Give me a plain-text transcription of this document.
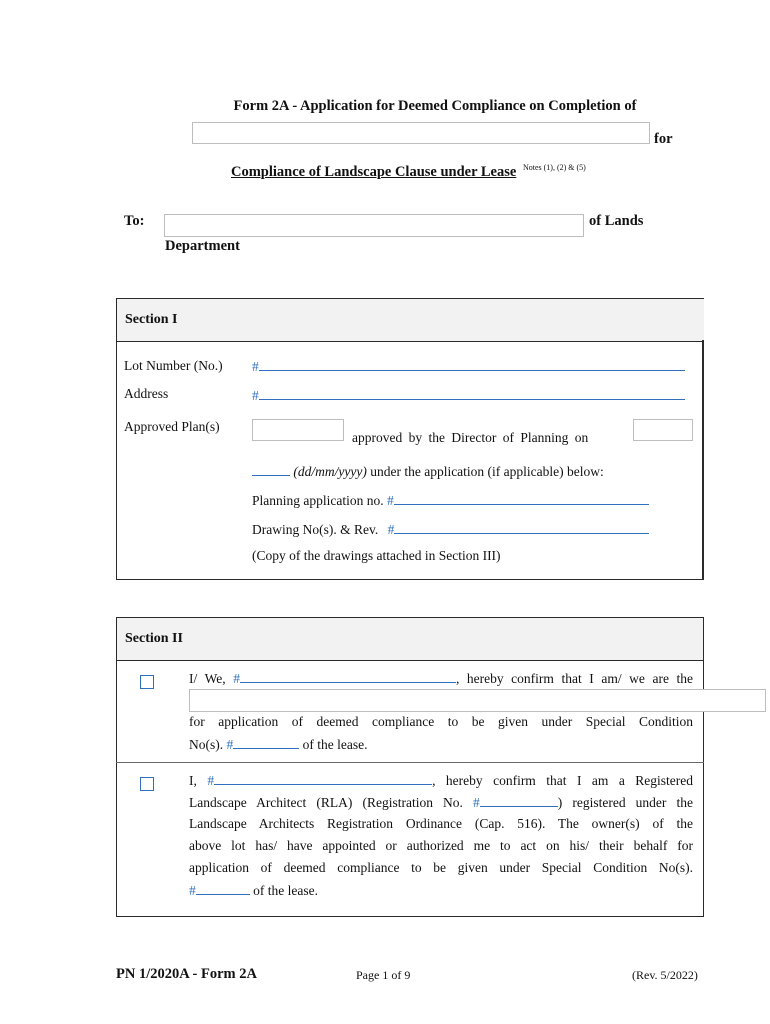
Form 2A - Application for Deemed Compliance on Completion of
for
Compliance of Landscape Clause under Lease $^{Notes (1), (2) \& (5)}$
To:	of Lands
Department
Section I
Lot Number (No.) #
Address	#
Approved Plan(s)
approved by the Director of Planning on
(dd/mm/yyyy) under the application (if applicable) below:
Planning application no. #
Drawing No(s). & Rev. #
(Copy of the drawings attached in Section III)
Section II
I/ We, #	, hereby confirm that I am/ we are the
for application of deemed compliance to be given under Special Condition
No(s). #	of the lease.
I, #	, hereby confirm that I am a Registered
Landscape Architect (RLA) (Registration No. #	) registered under the
Landscape Architects Registration Ordinance (Cap. 516). The owner(s) of the
above lot has/ have appointed or authorized me to act on his/ their behalf for
application of deemed compliance to be given under Special Condition No(s).
#	of the lease.
PN 1/2020A - Form 2A	Page 1 of 9	(Rev. 5/2022)
